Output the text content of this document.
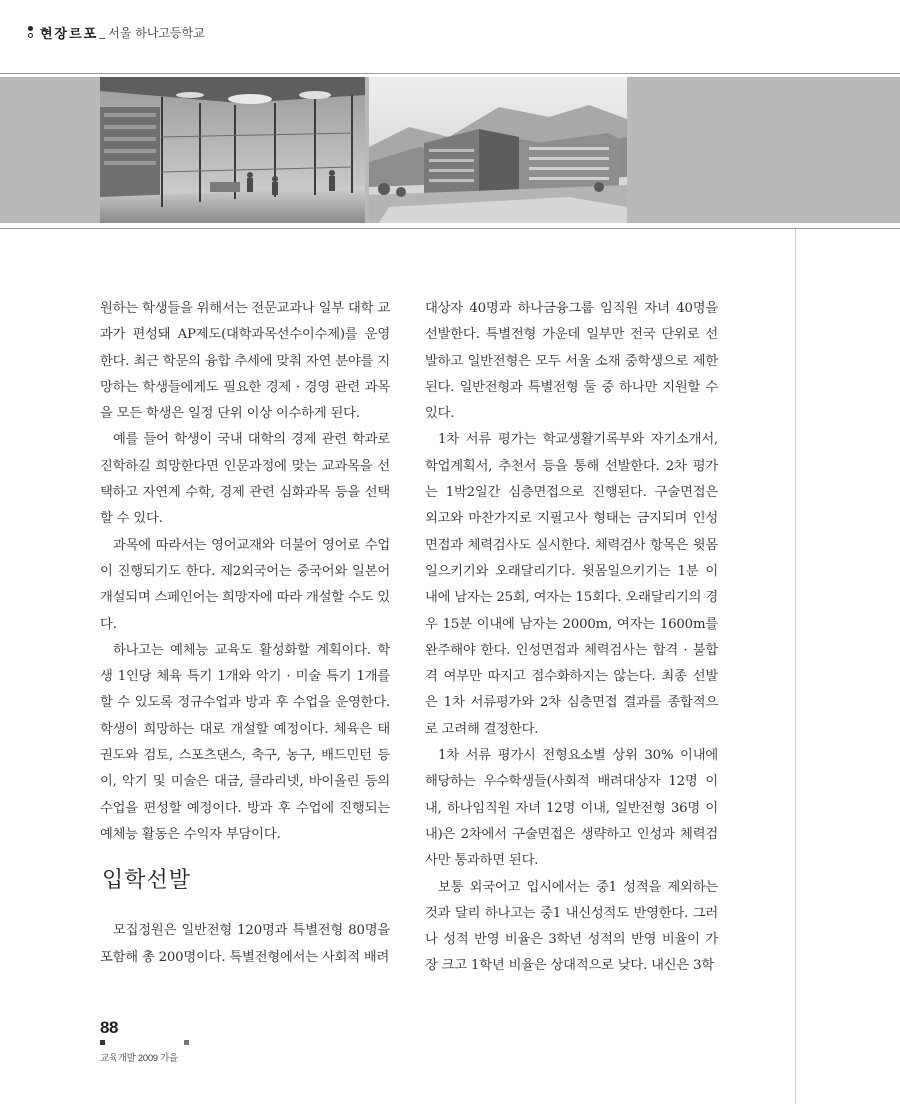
현장르포 _ 서울 하나고등학교

원하는 학생들을 위해서는 전문교과나 일부 대학 교과가 편성돼 AP제도(대학과목선수이수제)를 운영한다. 최근 학문의 융합 추세에 맞춰 자연 분야를 지망하는 학생들에게도 필요한 경제 · 경영 관련 과목을 모든 학생은 일정 단위 이상 이수하게 된다.

예를 들어 학생이 국내 대학의 경제 관련 학과로 진학하길 희망한다면 인문과정에 맞는 교과목을 선택하고 자연계 수학, 경제 관련 심화과목 등을 선택할 수 있다.

과목에 따라서는 영어교재와 더불어 영어로 수업이 진행되기도 한다. 제2외국어는 중국어와 일본어 개설되며 스페인어는 희망자에 따라 개설할 수도 있다.

하나고는 예체능 교육도 활성화할 계획이다. 학생 1인당 체육 특기 1개와 악기 · 미술 특기 1개를 할 수 있도록 정규수업과 방과 후 수업을 운영한다. 학생이 희망하는 대로 개설할 예정이다. 체육은 태권도와 검토, 스포츠댄스, 축구, 농구, 배드민턴 등이, 악기 및 미술은 대금, 클라리넷, 바이올린 등의 수업을 편성할 예정이다. 방과 후 수업에 진행되는 예체능 활동은 수익자 부담이다.

입학선발

모집정원은 일반전형 120명과 특별전형 80명을 포함해 총 200명이다. 특별전형에서는 사회적 배려

대상자 40명과 하나금융그룹 임직원 자녀 40명을 선발한다. 특별전형 가운데 일부만 전국 단위로 선발하고 일반전형은 모두 서울 소재 중학생으로 제한된다. 일반전형과 특별전형 둘 중 하나만 지원할 수 있다.

1차 서류 평가는 학교생활기록부와 자기소개서, 학업계획서, 추천서 등을 통해 선발한다. 2차 평가는 1박2일간 심층면접으로 진행된다. 구술면접은 외고와 마찬가지로 지필고사 형태는 금지되며 인성면접과 체력검사도 실시한다. 체력검사 항목은 윗몸일으키기와 오래달리기다. 윗몸일으키기는 1분 이내에 남자는 25회, 여자는 15회다. 오래달리기의 경우 15분 이내에 남자는 2000m, 여자는 1600m를 완주해야 한다. 인성면접과 체력검사는 합격 · 불합격 여부만 따지고 점수화하지는 않는다. 최종 선발은 1차 서류평가와 2차 심층면접 결과를 종합적으로 고려해 결정한다.

1차 서류 평가시 전형요소별 상위 30% 이내에 해당하는 우수학생들(사회적 배려대상자 12명 이내, 하나임직원 자녀 12명 이내, 일반전형 36명 이내)은 2차에서 구술면접은 생략하고 인성과 체력검사만 통과하면 된다.

보통 외국어고 입시에서는 중1 성적을 제외하는 것과 달리 하나고는 중1 내신성적도 반영한다. 그러나 성적 반영 비율은 3학년 성적의 반영 비율이 가장 크고 1학년 비율은 상대적으로 낮다. 내신은 3학

88
교육개발 2009 가을
